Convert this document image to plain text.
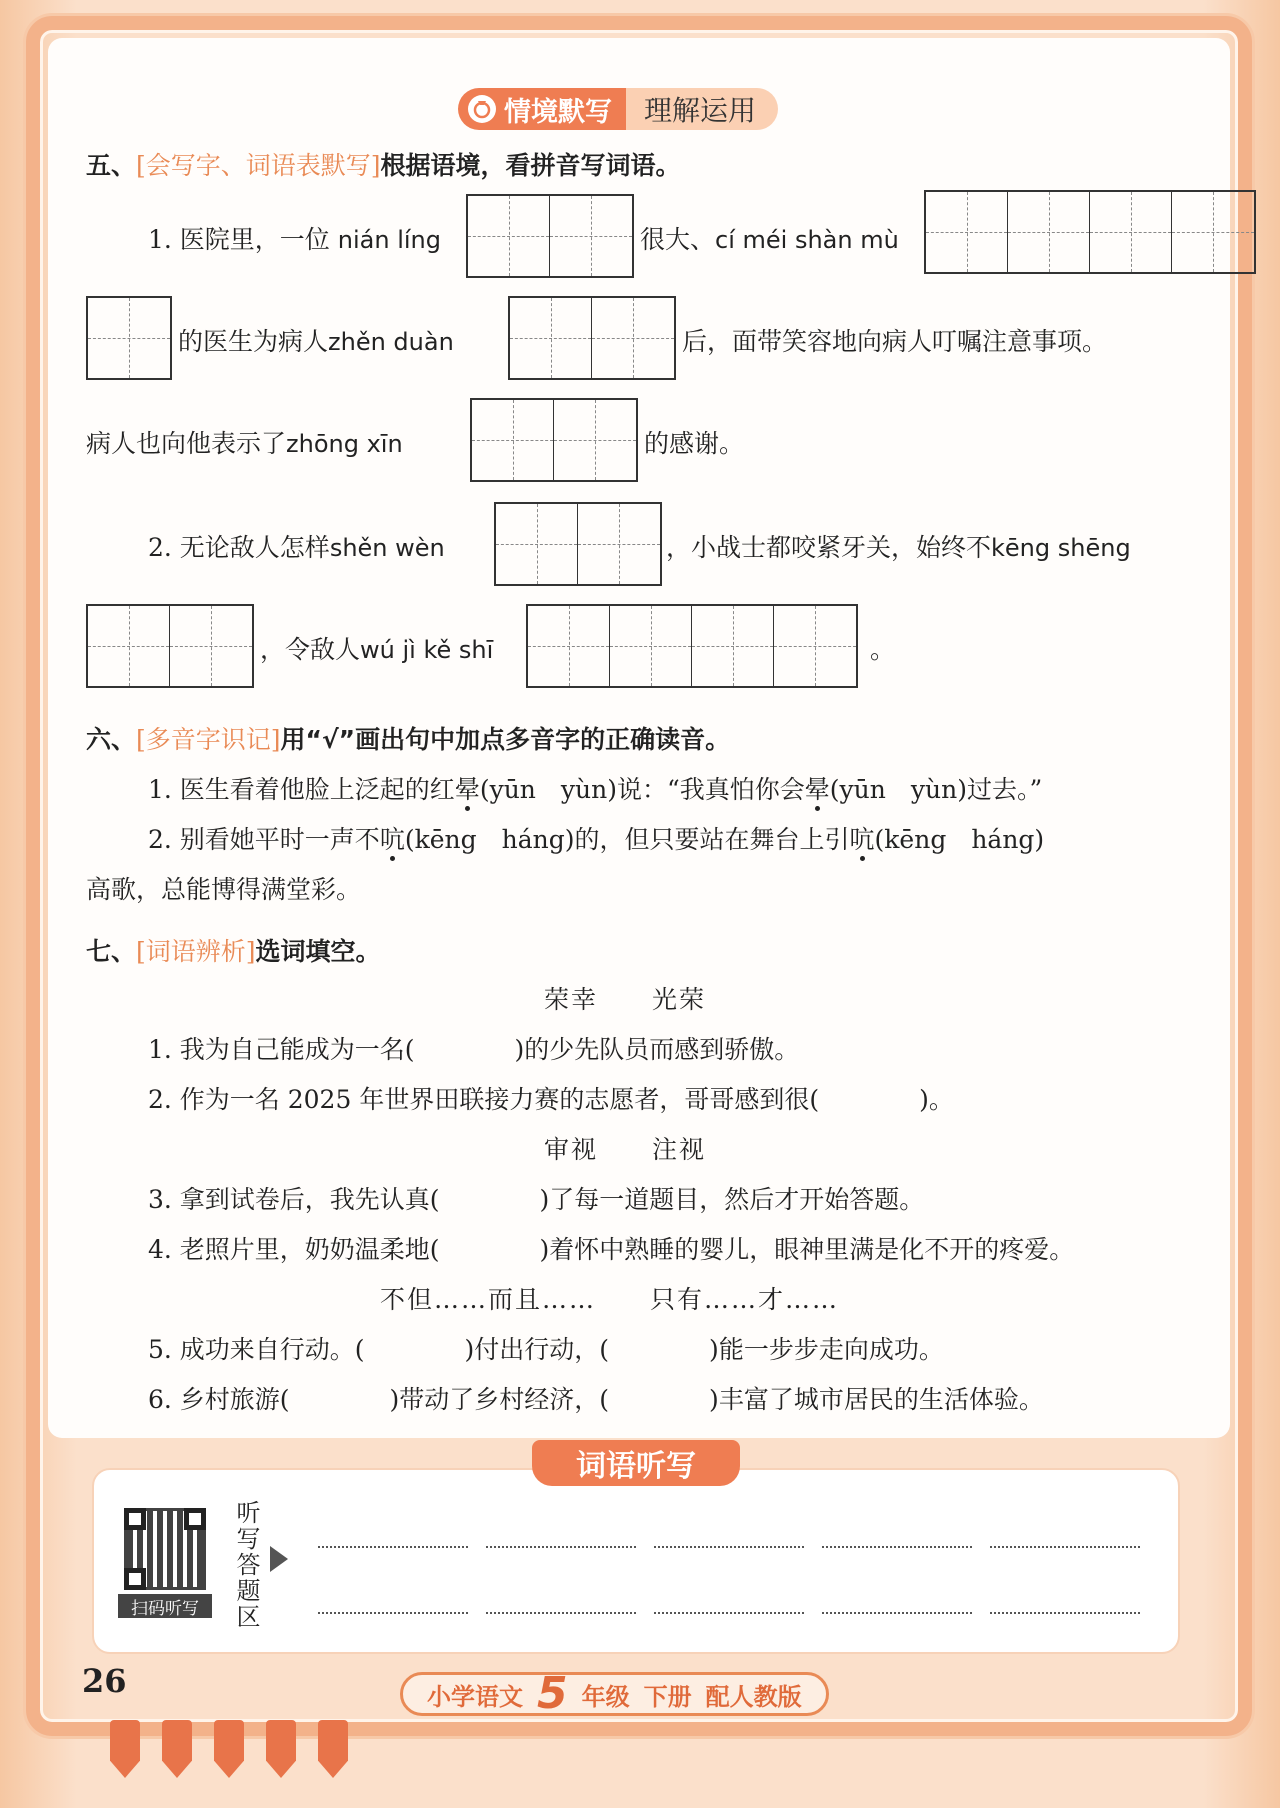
情境默写	理解运用
五、[会写字、词语表默写]根据语境，看拼音写词语。
1. 医院里，一位 nián líng	很大、cí méi shàn mù
的医生为病人zhěn duàn	后，面带笑容地向病人叮嘱注意事项。
病人也向他表示了zhōng xīn	的感谢。
2. 无论敌人怎样shěn wèn	，小战士都咬紧牙关，始终不kēng shēng
，令敌人wú jì kě shī	。
六、[多音字识记]用“√”画出句中加点多音字的正确读音。
1. 医生看着他脸上泛起的红晕(yūn　yùn)说：“我真怕你会晕(yūn　yùn)过去。”
2. 别看她平时一声不吭(kēng　háng)的，但只要站在舞台上引吭(kēng　háng)
高歌，总能博得满堂彩。
七、[词语辨析]选词填空。
荣幸　　光荣
1. 我为自己能成为一名(　　　　)的少先队员而感到骄傲。
2. 作为一名 2025 年世界田联接力赛的志愿者，哥哥感到很(　　　　)。
审视　　注视
3. 拿到试卷后，我先认真(　　　　)了每一道题目，然后才开始答题。
4. 老照片里，奶奶温柔地(　　　　)着怀中熟睡的婴儿，眼神里满是化不开的疼爱。
不但……而且……　　只有……才……
5. 成功来自行动。(　　　　)付出行动，(　　　　)能一步步走向成功。
6. 乡村旅游(　　　　)带动了乡村经济，(　　　　)丰富了城市居民的生活体验。
词语听写
扫码听写	听写答题区
26	小学语文 5 年级 下册 配人教版
